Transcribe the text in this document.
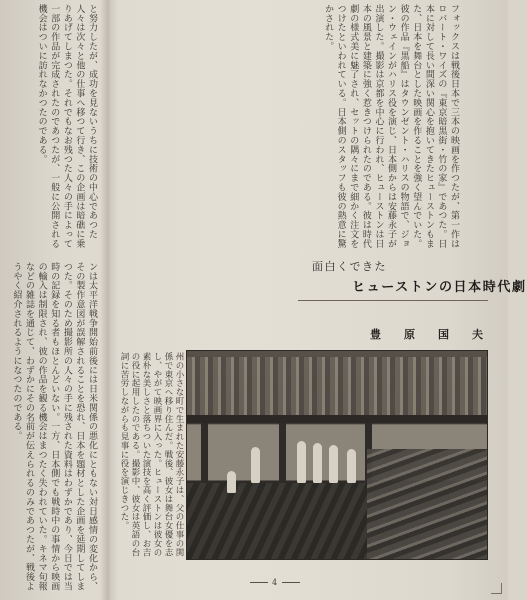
と努力したが、成功を見ないうちに技術の中心であつた人々は次々と他の仕事へ移つて行き、この企画は暗礁に乗りあげてしまつた。それでもなお残つた人々の手によって一部の作品が完成されたのであつたが、一般に公開される機会はついに訪れなかつたのである。
ンは太平洋戦争開始前後には日米関係の悪化にともない対日感情の変化から、その製作意図が誤解されることを恐れ、日本を題材とした企画を延期してしまつた。そのため撮影所の人々の手に残された資料はわずかであり、今日では当時の記録を知る者もほとんどいない。一方、日本側でも戦時中の事情から映画の輸入は制限され、彼の作品を観る機会はまつたく失われていた。キネマ旬報などの雑誌を通じて、わずかにその名前が伝えられるのみであつたが、戦後ようやく紹介されるようになつたのである。
フォックスは戦後日本で三本の映画を作つたが、第一作はロバート・ワイズの『東京暗黒街・竹の家』であつた。日本に対して長い間深い関心を抱いてきたヒューストンもまた、日本を舞台とした映画を作ることを強く望んでいた。彼の作品『黒船』はタウンゼント・ハリスの物語で、ジョン・ウェインがハリス役を演じ、日本側からは安藤永子が出演した。撮影は京都を中心に行われ、ヒューストンは日本の風景と建築に強く惹きつけられたのである。彼は時代劇の様式美に魅了され、セットの隅々にまで細かく注文をつけたといわれている。日本側のスタッフも彼の熱意に驚かされた。
面白くできた
ヒューストンの日本時代劇
豊　原　国　夫
州の小さな町で生まれた安藤永子は、父の仕事の関係で東京へ移り住んだ。戦後、彼女は舞台女優を志し、やがて映画界に入った。ヒューストンは彼女の素朴な美しさと落ちついた演技を高く評価し、お吉の役に起用したのである。撮影中、彼女は英語の台詞に苦労しながらも見事に役を演じきつた。
4
